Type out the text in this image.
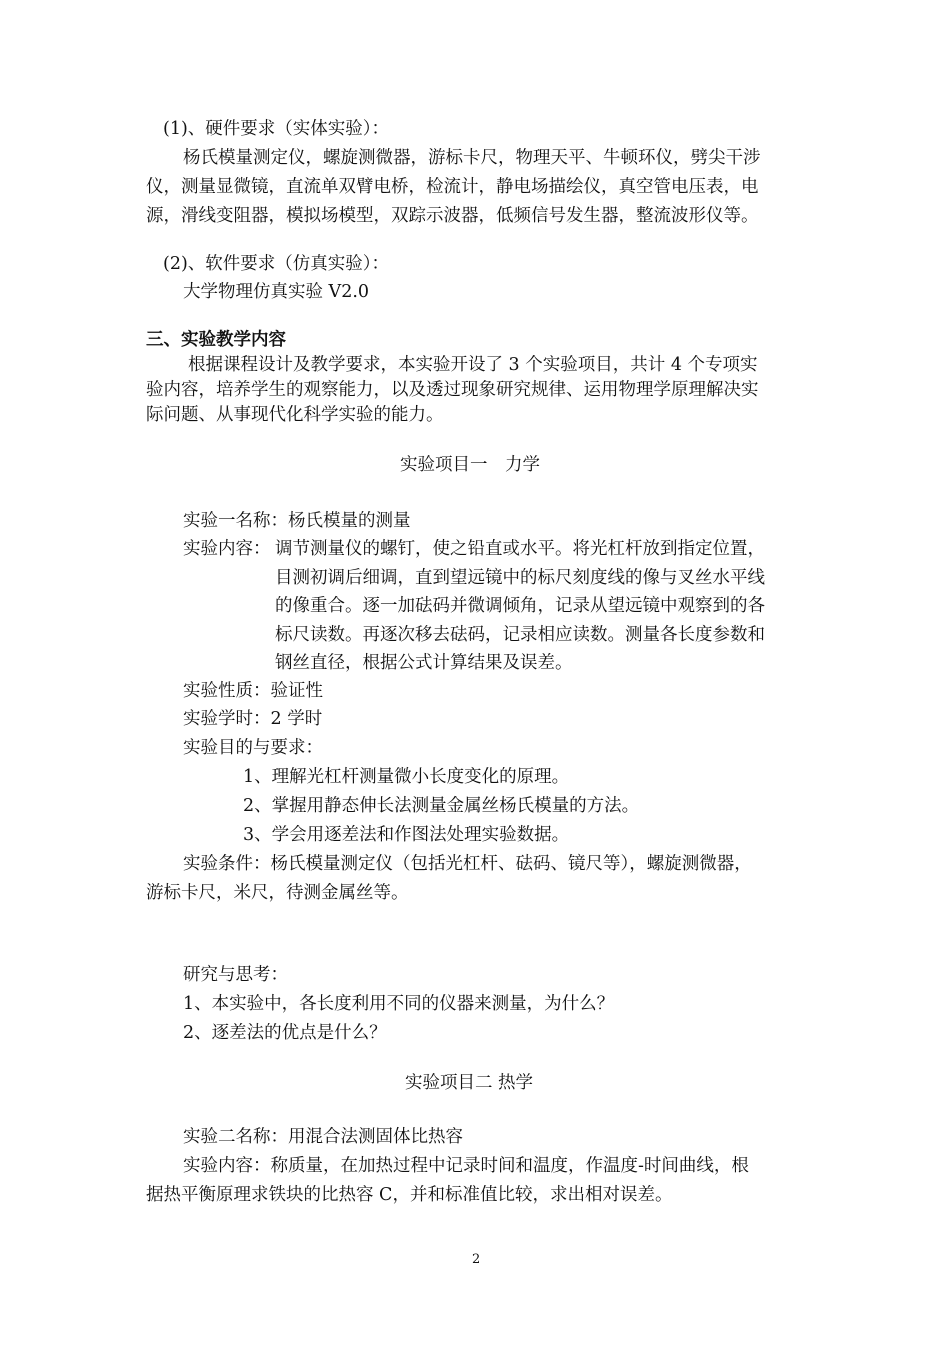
(1)、硬件要求（实体实验）：
杨氏模量测定仪，螺旋测微器，游标卡尺，物理天平、牛顿环仪，劈尖干涉
仪，测量显微镜，直流单双臂电桥，检流计，静电场描绘仪，真空管电压表，电
源，滑线变阻器，模拟场模型，双踪示波器，低频信号发生器，整流波形仪等。
(2)、软件要求（仿真实验）：
大学物理仿真实验 V2.0
三、实验教学内容
根据课程设计及教学要求，本实验开设了 3 个实验项目，共计 4 个专项实
验内容，培养学生的观察能力，以及透过现象研究规律、运用物理学原理解决实
际问题、从事现代化科学实验的能力。
实验项目一　力学
实验一名称：杨氏模量的测量
实验内容： 调节测量仪的螺钉，使之铅直或水平。将光杠杆放到指定位置，
目测初调后细调，直到望远镜中的标尺刻度线的像与叉丝水平线
的像重合。逐一加砝码并微调倾角，记录从望远镜中观察到的各
标尺读数。再逐次移去砝码，记录相应读数。测量各长度参数和
钢丝直径，根据公式计算结果及误差。
实验性质：验证性
实验学时：2 学时
实验目的与要求：
1、理解光杠杆测量微小长度变化的原理。
2、掌握用静态伸长法测量金属丝杨氏模量的方法。
3、学会用逐差法和作图法处理实验数据。
实验条件：杨氏模量测定仪（包括光杠杆、砝码、镜尺等），螺旋测微器，
游标卡尺，米尺，待测金属丝等。
研究与思考：
1、本实验中，各长度利用不同的仪器来测量，为什么？
2、逐差法的优点是什么？
实验项目二 热学
实验二名称：用混合法测固体比热容
实验内容：称质量，在加热过程中记录时间和温度，作温度-时间曲线，根
据热平衡原理求铁块的比热容 C，并和标准值比较，求出相对误差。
2
